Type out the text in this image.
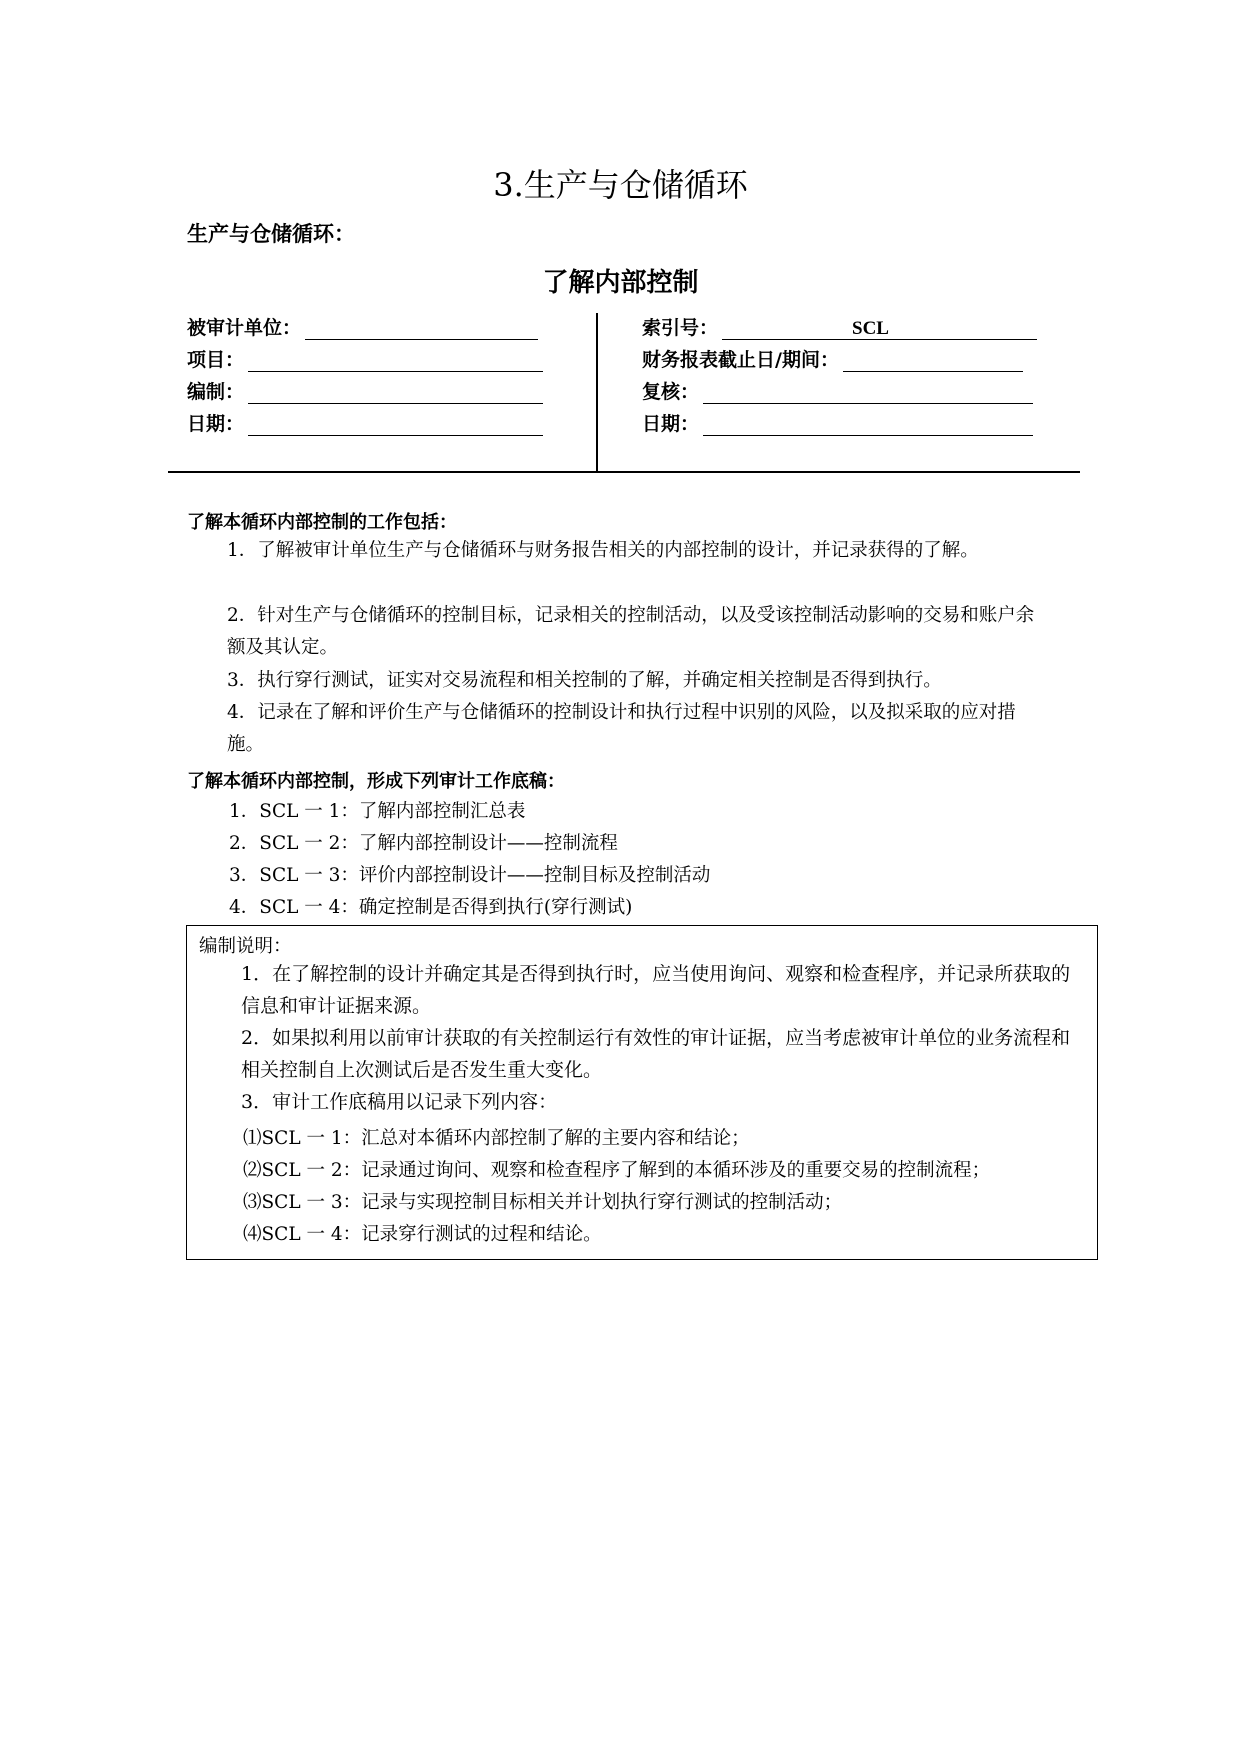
3.生产与仓储循环
生产与仓储循环：
了解内部控制
被审计单位：
项目：
编制：
日期：
索引号：	SCL
财务报表截止日/期间：
复核：
日期：
了解本循环内部控制的工作包括：
1．了解被审计单位生产与仓储循环与财务报告相关的内部控制的设计，并记录获得的了解。
2．针对生产与仓储循环的控制目标，记录相关的控制活动，以及受该控制活动影响的交易和账户余额及其认定。
3．执行穿行测试，证实对交易流程和相关控制的了解，并确定相关控制是否得到执行。
4．记录在了解和评价生产与仓储循环的控制设计和执行过程中识别的风险，以及拟采取的应对措施。
了解本循环内部控制，形成下列审计工作底稿：
1．SCL 一 1：了解内部控制汇总表
2．SCL 一 2：了解内部控制设计——控制流程
3．SCL 一 3：评价内部控制设计——控制目标及控制活动
4．SCL 一 4：确定控制是否得到执行(穿行测试)
编制说明：
1．在了解控制的设计并确定其是否得到执行时，应当使用询问、观察和检查程序，并记录所获取的信息和审计证据来源。
2．如果拟利用以前审计获取的有关控制运行有效性的审计证据，应当考虑被审计单位的业务流程和相关控制自上次测试后是否发生重大变化。
3．审计工作底稿用以记录下列内容：
⑴SCL 一 1：汇总对本循环内部控制了解的主要内容和结论；
⑵SCL 一 2：记录通过询问、观察和检查程序了解到的本循环涉及的重要交易的控制流程；
⑶SCL 一 3：记录与实现控制目标相关并计划执行穿行测试的控制活动；
⑷SCL 一 4：记录穿行测试的过程和结论。
